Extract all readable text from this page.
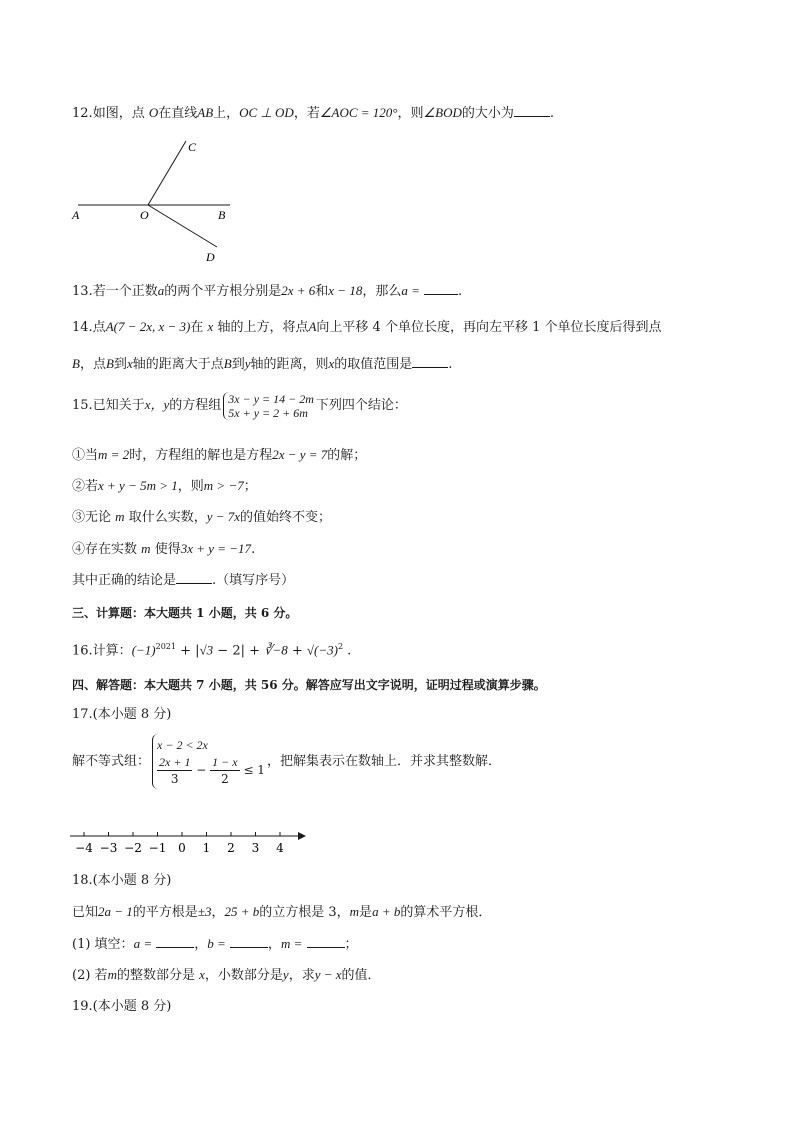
12.如图，点 O在直线AB上，OC ⊥ OD，若∠AOC = 120°，则∠BOD的大小为	.
C
A	O	B
D
13.若一个正数a的两个平方根分别是2x + 6和x − 18，那么a =	.
14.点A(7 − 2x, x − 3)在 x 轴的上方，将点A向上平移 4 个单位长度，再向左平移 1 个单位长度后得到点
B，点B到x轴的距离大于点B到y轴的距离，则x的取值范围是	.
15.已知关于x，y的方程组 3x − y = 14 − 2m
5x + y = 2 + 6m 下列四个结论：
①当m = 2时，方程组的解也是方程2x − y = 7的解；
②若x + y − 5m > 1，则m > −7；
③无论 m 取什么实数，y − 7x的值始终不变；
④存在实数 m 使得3x + y = −17.
其中正确的结论是	.（填写序号）
三、计算题：本大题共 1 小题，共 6 分。
16.计算：$(-1)^{2021} + |√3 - 2|$ + ∛−8 + $√(-3)^2$ .
四、解答题：本大题共 7 小题，共 56 分。解答应写出文字说明，证明过程或演算步骤。
17.(本小题 8 分)
解不等式组：
x − 2 < 2x
$\frac{2x + 1}{3} - \frac{1 - x}{2} \le 1$
，把解集表示在数轴上．并求其整数解．
−4 −3 −2 −1 0 1 2 3 4
18.(本小题 8 分)
已知2a − 1的平方根是±3，25 + b的立方根是 3，m是a + b的算术平方根．
(1) 填空：a =	，b =	，m =	；
(2) 若m的整数部分是 x，小数部分是y，求y − x的值．
19.(本小题 8 分)
